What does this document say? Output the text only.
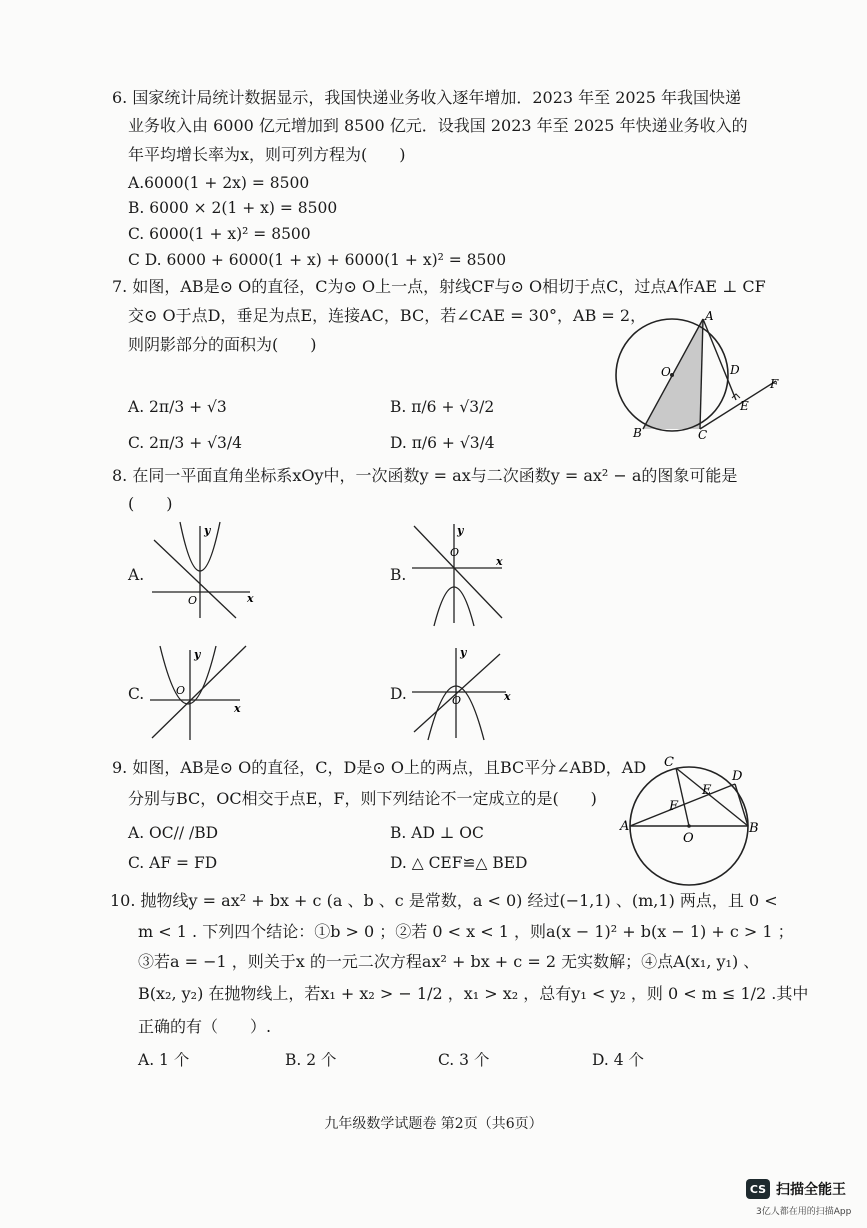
6. 国家统计局统计数据显示，我国快递业务收入逐年增加．2023 年至 2025 年我国快递
业务收入由 6000 亿元增加到 8500 亿元．设我国 2023 年至 2025 年快递业务收入的
年平均增长率为x，则可列方程为(　　)
A.6000(1 + 2x) = 8500
B. 6000 × 2(1 + x) = 8500
C. 6000(1 + x)² = 8500
C D. 6000 + 6000(1 + x) + 6000(1 + x)² = 8500
7. 如图，AB是⊙ O的直径，C为⊙ O上一点，射线CF与⊙ O相切于点C，过点A作AE ⊥ CF
交⊙ O于点D，垂足为点E，连接AC，BC，若∠CAE = 30°，AB = 2，
则阴影部分的面积为(　　)
A. 2π/3 + √3	B. π/6 + √3/2
C. 2π/3 + √3/4	D. π/6 + √3/4
A
O	D
F
E
B	C
8. 在同一平面直角坐标系xOy中，一次函数y = ax与二次函数y = ax² − a的图象可能是
(　　)
A.
y
x
O
B.
y
x
O
C.
y
x
O	D.
y
x
O
9. 如图，AB是⊙ O的直径，C，D是⊙ O上的两点，且BC平分∠ABD，AD
分别与BC，OC相交于点E，F，则下列结论不一定成立的是(　　)
A. OC// /BD	B. AD ⊥ OC
C. AF = FD	D. △ CEF≌△ BED
C
D
E
F
A
O
B
10. 抛物线y = ax² + bx + c (a 、b 、c 是常数，a < 0) 经过(−1,1) 、(m,1) 两点，且 0 <
m < 1 . 下列四个结论：①b > 0 ；②若 0 < x < 1 ，则a(x − 1)² + b(x − 1) + c > 1 ；
③若a = −1 ，则关于x 的一元二次方程ax² + bx + c = 2 无实数解；④点A(x₁, y₁) 、
B(x₂, y₂) 在抛物线上，若x₁ + x₂ > − 1/2 ，x₁ > x₂ ，总有y₁ < y₂ ，则 0 < m ≤ 1/2 .其中
正确的有（　　）.
A. 1 个	B. 2 个	C. 3 个	D. 4 个
九年级数学试题卷 第2页（共6页）
CS 扫描全能王
3亿人都在用的扫描App
